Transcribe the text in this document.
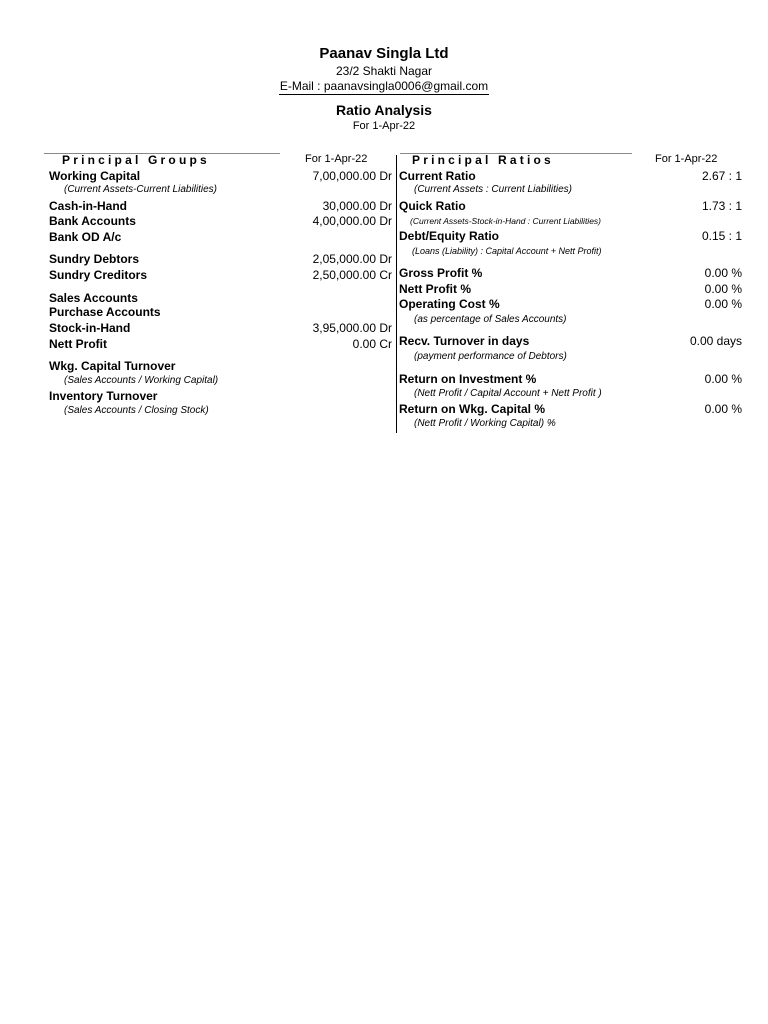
Paanav Singla Ltd
23/2 Shakti Nagar
E-Mail : paanavsingla0006@gmail.com
Ratio Analysis
For 1-Apr-22
Principal Groups	For 1-Apr-22	Principal Ratios	For 1-Apr-22
Working Capital	7,00,000.00 Dr
(Current Assets-Current Liabilities)
Cash-in-Hand	30,000.00 Dr
Bank Accounts	4,00,000.00 Dr
Bank OD A/c
Sundry Debtors	2,05,000.00 Dr
Sundry Creditors	2,50,000.00 Cr
Sales Accounts
Purchase Accounts
Stock-in-Hand	3,95,000.00 Dr
Nett Profit	0.00 Cr
Wkg. Capital Turnover
(Sales Accounts / Working Capital)
Inventory Turnover
(Sales Accounts / Closing Stock)
Current Ratio	2.67 : 1
(Current Assets : Current Liabilities)
Quick Ratio	1.73 : 1
(Current Assets-Stock-in-Hand : Current Liabilities)
Debt/Equity Ratio	0.15 : 1
(Loans (Liability) : Capital Account + Nett Profit)
Gross Profit %	0.00 %
Nett Profit %	0.00 %
Operating Cost %	0.00 %
(as percentage of Sales Accounts)
Recv. Turnover in days	0.00 days
(payment performance of Debtors)
Return on Investment %	0.00 %
(Nett Profit / Capital Account + Nett Profit )
Return on Wkg. Capital %	0.00 %
(Nett Profit / Working Capital) %
